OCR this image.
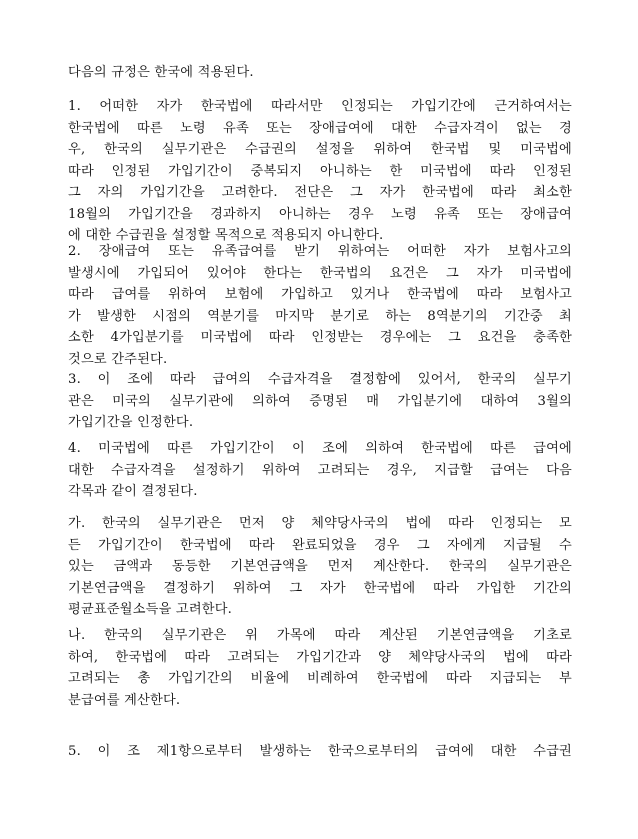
다음의 규정은 한국에 적용된다.

1. 어떠한 자가 한국법에 따라서만 인정되는 가입기간에 근거하여서는
한국법에 따른 노령 유족 또는 장애급여에 대한 수급자격이 없는 경
우, 한국의 실무기관은 수급권의 설정을 위하여 한국법 및 미국법에
따라 인정된 가입기간이 중복되지 아니하는 한 미국법에 따라 인정된
그 자의 가입기간을 고려한다. 전단은 그 자가 한국법에 따라 최소한
18월의 가입기간을 경과하지 아니하는 경우 노령 유족 또는 장애급여
에 대한 수급권을 설정할 목적으로 적용되지 아니한다.

2. 장애급여 또는 유족급여를 받기 위하여는 어떠한 자가 보험사고의
발생시에 가입되어 있어야 한다는 한국법의 요건은 그 자가 미국법에
따라 급여를 위하여 보험에 가입하고 있거나 한국법에 따라 보험사고
가 발생한 시점의 역분기를 마지막 분기로 하는 8역분기의 기간중 최
소한 4가입분기를 미국법에 따라 인정받는 경우에는 그 요건을 충족한
것으로 간주된다.

3. 이 조에 따라 급여의 수급자격을 결정함에 있어서, 한국의 실무기
관은 미국의 실무기관에 의하여 증명된 매 가입분기에 대하여 3월의
가입기간을 인정한다.

4. 미국법에 따른 가입기간이 이 조에 의하여 한국법에 따른 급여에
대한 수급자격을 설정하기 위하여 고려되는 경우, 지급할 급여는 다음
각목과 같이 결정된다.

가. 한국의 실무기관은 먼저 양 체약당사국의 법에 따라 인정되는 모
든 가입기간이 한국법에 따라 완료되었을 경우 그 자에게 지급될 수
있는 금액과 동등한 기본연금액을 먼저 계산한다. 한국의 실무기관은
기본연금액을 결정하기 위하여 그 자가 한국법에 따라 가입한 기간의
평균표준월소득을 고려한다.

나. 한국의 실무기관은 위 가목에 따라 계산된 기본연금액을 기초로
하여, 한국법에 따라 고려되는 가입기간과 양 체약당사국의 법에 따라
고려되는 총 가입기간의 비율에 비례하여 한국법에 따라 지급되는 부
분급여를 계산한다.

5. 이 조 제1항으로부터 발생하는 한국으로부터의 급여에 대한 수급권
